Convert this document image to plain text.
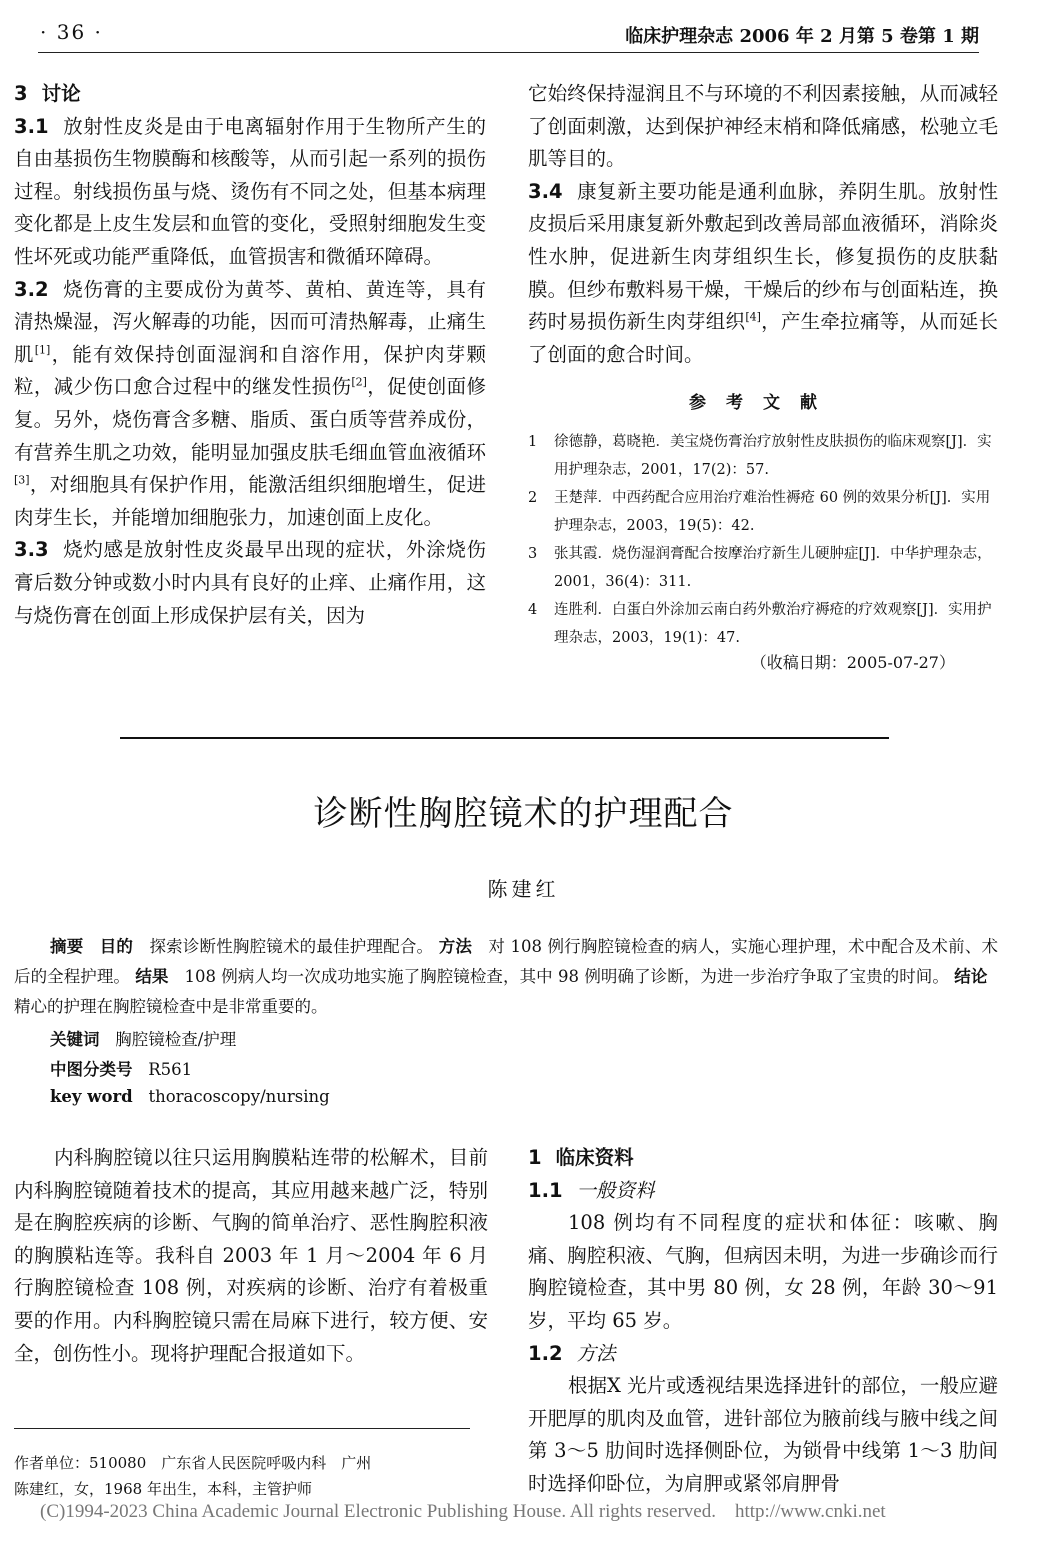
· 36 ·	临床护理杂志 2006 年 2 月第 5 卷第 1 期

3 讨论

3.1 放射性皮炎是由于电离辐射作用于生物所产生的自由基损伤生物膜酶和核酸等，从而引起一系列的损伤过程。射线损伤虽与烧、烫伤有不同之处，但基本病理变化都是上皮生发层和血管的变化，受照射细胞发生变性坏死或功能严重降低，血管损害和微循环障碍。

3.2 烧伤膏的主要成份为黄芩、黄柏、黄连等，具有清热燥湿，泻火解毒的功能，因而可清热解毒，止痛生肌[1]，能有效保持创面湿润和自溶作用，保护肉芽颗粒，减少伤口愈合过程中的继发性损伤[2]，促使创面修复。另外，烧伤膏含多糖、脂质、蛋白质等营养成份，有营养生肌之功效，能明显加强皮肤毛细血管血液循环[3]，对细胞具有保护作用，能激活组织细胞增生，促进肉芽生长，并能增加细胞张力，加速创面上皮化。

3.3 烧灼感是放射性皮炎最早出现的症状，外涂烧伤膏后数分钟或数小时内具有良好的止痒、止痛作用，这与烧伤膏在创面上形成保护层有关，因为

它始终保持湿润且不与环境的不利因素接触，从而减轻了创面刺激，达到保护神经末梢和降低痛感，松驰立毛肌等目的。

3.4 康复新主要功能是通利血脉，养阴生肌。放射性皮损后采用康复新外敷起到改善局部血液循环，消除炎性水肿，促进新生肉芽组织生长，修复损伤的皮肤黏膜。但纱布敷料易干燥，干燥后的纱布与创面粘连，换药时易损伤新生肉芽组织[4]，产生牵拉痛等，从而延长了创面的愈合时间。

参考文献
1	徐德静，葛晓艳．美宝烧伤膏治疗放射性皮肤损伤的临床观察[J]．实用护理杂志，2001，17(2)：57.
2	王楚萍．中西药配合应用治疗难治性褥疮 60 例的效果分析[J]．实用护理杂志，2003，19(5)：42.
3	张其霞．烧伤湿润膏配合按摩治疗新生儿硬肿症[J]．中华护理杂志，2001，36(4)：311.
4	连胜利．白蛋白外涂加云南白药外敷治疗褥疮的疗效观察[J]．实用护理杂志，2003，19(1)：47.
（收稿日期：2005-07-27）
诊断性胸腔镜术的护理配合
陈建红

摘要 目的 探索诊断性胸腔镜术的最佳护理配合。 方法 对 108 例行胸腔镜检查的病人，实施心理护理，术中配合及术前、术后的全程护理。 结果 108 例病人均一次成功地实施了胸腔镜检查，其中 98 例明确了诊断，为进一步治疗争取了宝贵的时间。 结论   精心的护理在胸腔镜检查中是非常重要的。

关键词 胸腔镜检查/护理
中图分类号 R561
key word thoracoscopy/nursing

内科胸腔镜以往只运用胸膜粘连带的松解术，目前内科胸腔镜随着技术的提高，其应用越来越广泛，特别是在胸腔疾病的诊断、气胸的简单治疗、恶性胸腔积液的胸膜粘连等。我科自 2003 年 1 月～2004 年 6 月行胸腔镜检查 108 例，对疾病的诊断、治疗有着极重要的作用。内科胸腔镜只需在局麻下进行，较方便、安全，创伤性小。现将护理配合报道如下。

1 临床资料

1.1 一般资料

108 例均有不同程度的症状和体征：咳嗽、胸痛、胸腔积液、气胸，但病因未明，为进一步确诊而行胸腔镜检查，其中男 80 例，女 28 例，年龄 30～91 岁，平均 65 岁。

1.2 方法

根据X 光片或透视结果选择进针的部位，一般应避开肥厚的肌肉及血管，进针部位为腋前线与腋中线之间第 3～5 肋间时选择侧卧位，为锁骨中线第 1～3 肋间时选择仰卧位，为肩胛或紧邻肩胛骨

作者单位：510080　广东省人民医院呼吸内科　广州
陈建红，女，1968 年出生，本科，主管护师
(C)1994-2023 China Academic Journal Electronic Publishing House. All rights reserved.　http://www.cnki.net
